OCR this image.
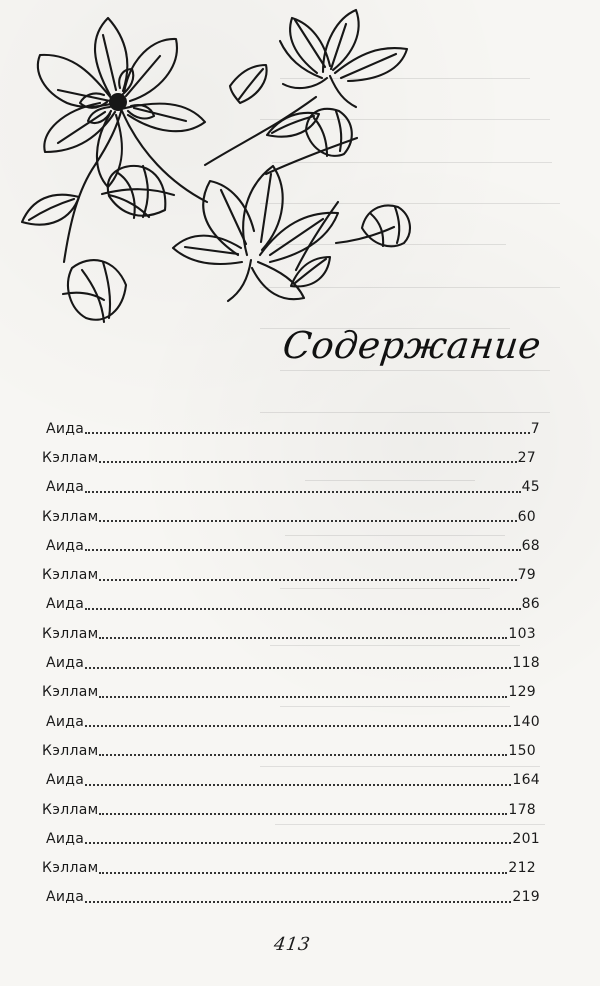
Содержание
Аида	7
Кэллам	27
Аида	45
Кэллам	60
Аида	68
Кэллам	79
Аида	86
Кэллам	103
Аида	118
Кэллам	129
Аида	140
Кэллам	150
Аида	164
Кэллам	178
Аида	201
Кэллам	212
Аида	219
413
